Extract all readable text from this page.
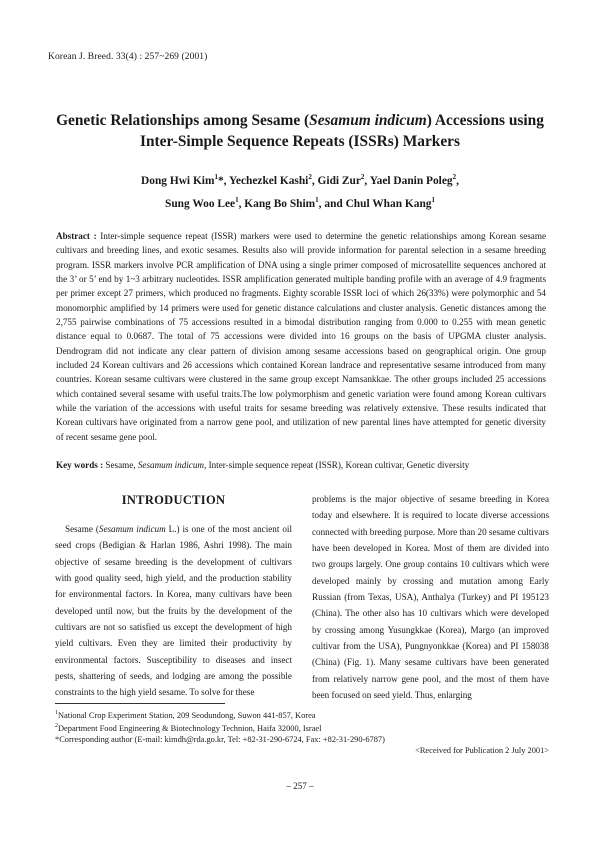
Korean J. Breed. 33(4) : 257~269 (2001)
Genetic Relationships among Sesame (Sesamum indicum) Accessions using
Inter-Simple Sequence Repeats (ISSRs) Markers
Dong Hwi Kim$^1$*, Yechezkel Kashi$^2$, Gidi Zur$^2$, Yael Danin Poleg$^2$,
Sung Woo Lee$^1$, Kang Bo Shim$^1$, and Chul Whan Kang$^1$
Abstract : Inter-simple sequence repeat (ISSR) markers were used to determine the genetic relationships among Korean sesame cultivars and breeding lines, and exotic sesames. Results also will provide information for parental selection in a sesame breeding program. ISSR markers involve PCR amplification of DNA using a single primer composed of microsatellite sequences anchored at the 3’ or 5’ end by 1~3 arbitrary nucleotides. ISSR amplification generated multiple banding profile with an average of 4.9 fragments per primer except 27 primers, which produced no fragments. Eighty scorable ISSR loci of which 26(33%) were polymorphic and 54 monomorphic amplified by 14 primers were used for genetic distance calculations and cluster analysis. Genetic distances among the 2,755 pairwise combinations of 75 accessions resulted in a bimodal distribution ranging from 0.000 to 0.255 with mean genetic distance equal to 0.0687. The total of 75 accessions were divided into 16 groups on the basis of UPGMA cluster analysis. Dendrogram did not indicate any clear pattern of division among sesame accessions based on geographical origin. One group included 24 Korean cultivars and 26 accessions which contained Korean landrace and representative sesame introduced from many countries. Korean sesame cultivars were clustered in the same group except Namsankkae. The other groups included 25 accessions which contained several sesame with useful traits.The low polymorphism and genetic variation were found among Korean cultivars while the variation of the accessions with useful traits for sesame breeding was relatively extensive. These results indicated that Korean cultivars have originated from a narrow gene pool, and utilization of new parental lines have attempted for genetic diversity of recent sesame gene pool.
Key words : Sesame, Sesamum indicum, Inter-simple sequence repeat (ISSR), Korean cultivar, Genetic diversity
INTRODUCTION
Sesame (Sesamum indicum L.) is one of the most ancient oil seed crops (Bedigian & Harlan 1986, Ashri 1998). The main objective of sesame breeding is the development of cultivars with good quality seed, high yield, and the production stability for environmental factors. In Korea, many cultivars have been developed until now, but the fruits by the development of the cultivars are not so satisfied us except the development of high yield cultivars. Even they are limited their productivity by environmental factors. Susceptibility to diseases and insect pests, shattering of seeds, and lodging are among the possible constraints to the high yield sesame. To solve for these
problems is the major objective of sesame breeding in Korea today and elsewhere. It is required to locate diverse accessions connected with breeding purpose. More than 20 sesame cultivars have been developed in Korea. Most of them are divided into two groups largely. One group contains 10 cultivars which were developed mainly by crossing and mutation among Early Russian (from Texas, USA), Anthalya (Turkey) and PI 195123 (China). The other also has 10 cultivars which were developed by crossing among Yusungkkae (Korea), Margo (an improved cultivar from the USA), Pungnyonkkae (Korea) and PI 158038 (China) (Fig. 1). Many sesame cultivars have been generated from relatively narrow gene pool, and the most of them have been focused on seed yield. Thus, enlarging
$^1$National Crop Experiment Station, 209 Seodundong, Suwon 441-857, Korea
$^2$Department Food Engineering & Biotechnology Technion, Haifa 32000, Israel
*Corresponding author (E-mail: kimdh@rda.go.kr, Tel: +82-31-290-6724, Fax: +82-31-290-6787)
<Received for Publication 2 July 2001>
– 257 –
